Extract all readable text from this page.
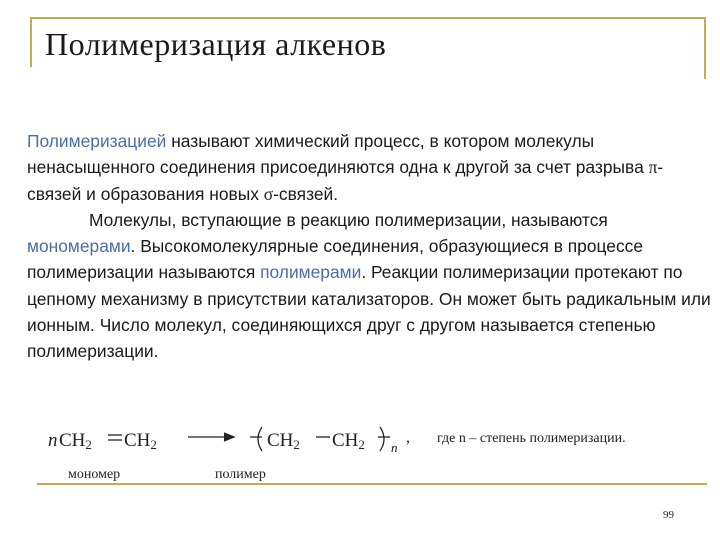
Полимеризация алкенов

Полимеризацией называют химический процесс, в котором молекулы ненасыщенного соединения присоединяются одна к другой за счет разрыва π-связей и образования новых σ-связей.

Молекулы, вступающие в реакцию полимеризации, называются мономерами. Высокомолекулярные соединения, образующиеся в процессе полимеризации называются полимерами. Реакции полимеризации протекают по цепному механизму в присутствии катализаторов. Он может быть радикальным или ионным. Число молекул, соединяющихся друг с другом называется степенью полимеризации.

n CH2 CH2	CH2 CH2 n
, где n – степень полимеризации.
мономер	полимер
99
